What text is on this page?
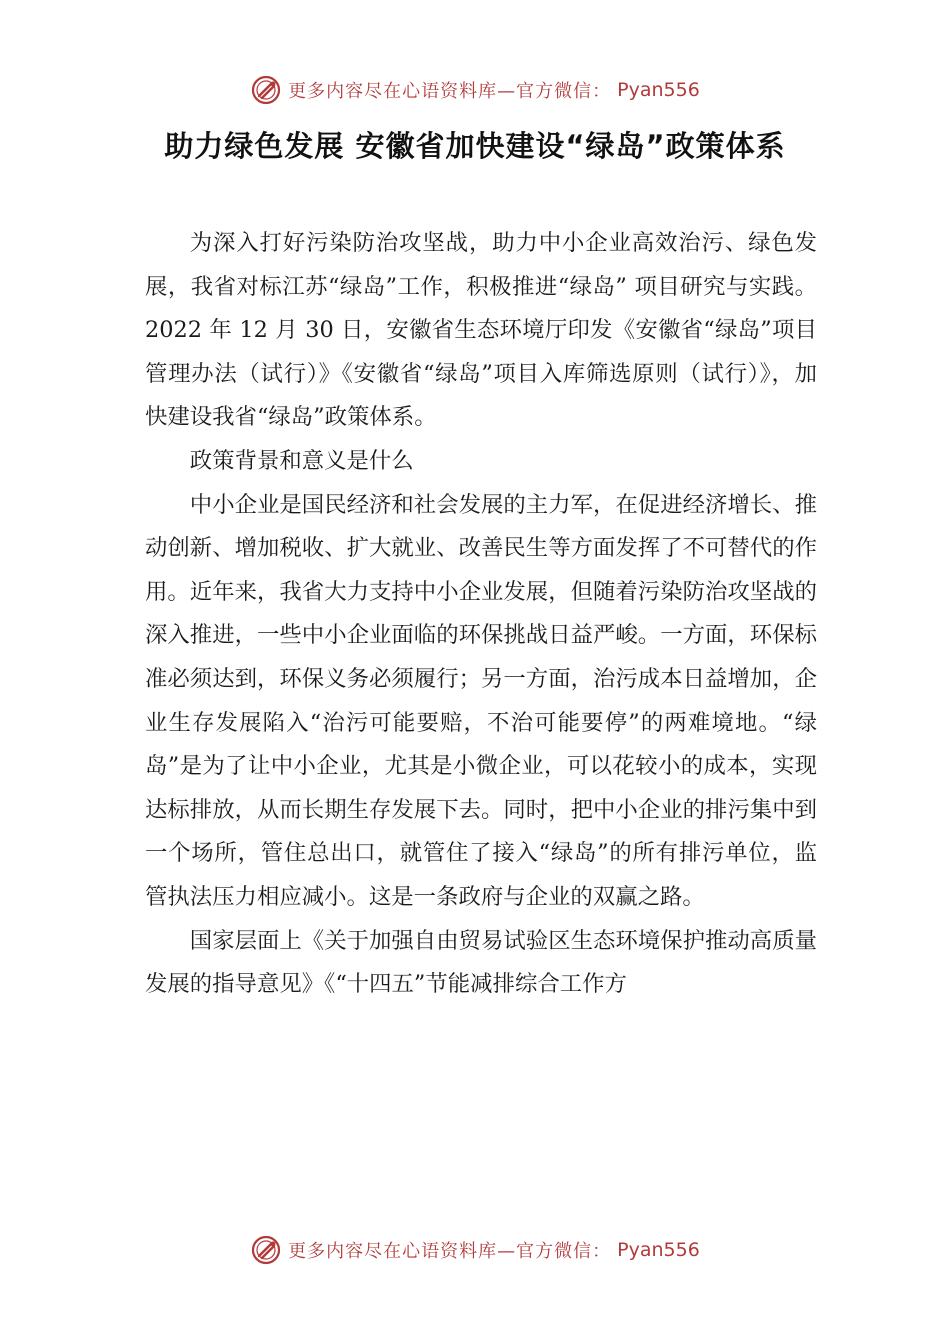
更多内容尽在心语资料库—官方微信： Pyan556
助力绿色发展 安徽省加快建设“绿岛”政策体系

为深入打好污染防治攻坚战，助力中小企业高效治污、绿色发展，我省对标江苏“绿岛”工作，积极推进“绿岛” 项目研究与实践。2022 年 12 月 30 日，安徽省生态环境厅印发《安徽省“绿岛”项目管理办法（试行）》《安徽省“绿岛”项目入库筛选原则（试行）》，加快建设我省“绿岛”政策体系。

政策背景和意义是什么

中小企业是国民经济和社会发展的主力军，在促进经济增长、推动创新、增加税收、扩大就业、改善民生等方面发挥了不可替代的作用。近年来，我省大力支持中小企业发展，但随着污染防治攻坚战的深入推进，一些中小企业面临的环保挑战日益严峻。一方面，环保标准必须达到，环保义务必须履行；另一方面，治污成本日益增加，企业生存发展陷入“治污可能要赔，不治可能要停”的两难境地。“绿岛”是为了让中小企业，尤其是小微企业，可以花较小的成本，实现达标排放，从而长期生存发展下去。同时，把中小企业的排污集中到一个场所，管住总出口，就管住了接入“绿岛”的所有排污单位，监管执法压力相应减小。这是一条政府与企业的双赢之路。

国家层面上《关于加强自由贸易试验区生态环境保护推动高质量发展的指导意见》《“十四五”节能减排综合工作方

更多内容尽在心语资料库—官方微信： Pyan556
